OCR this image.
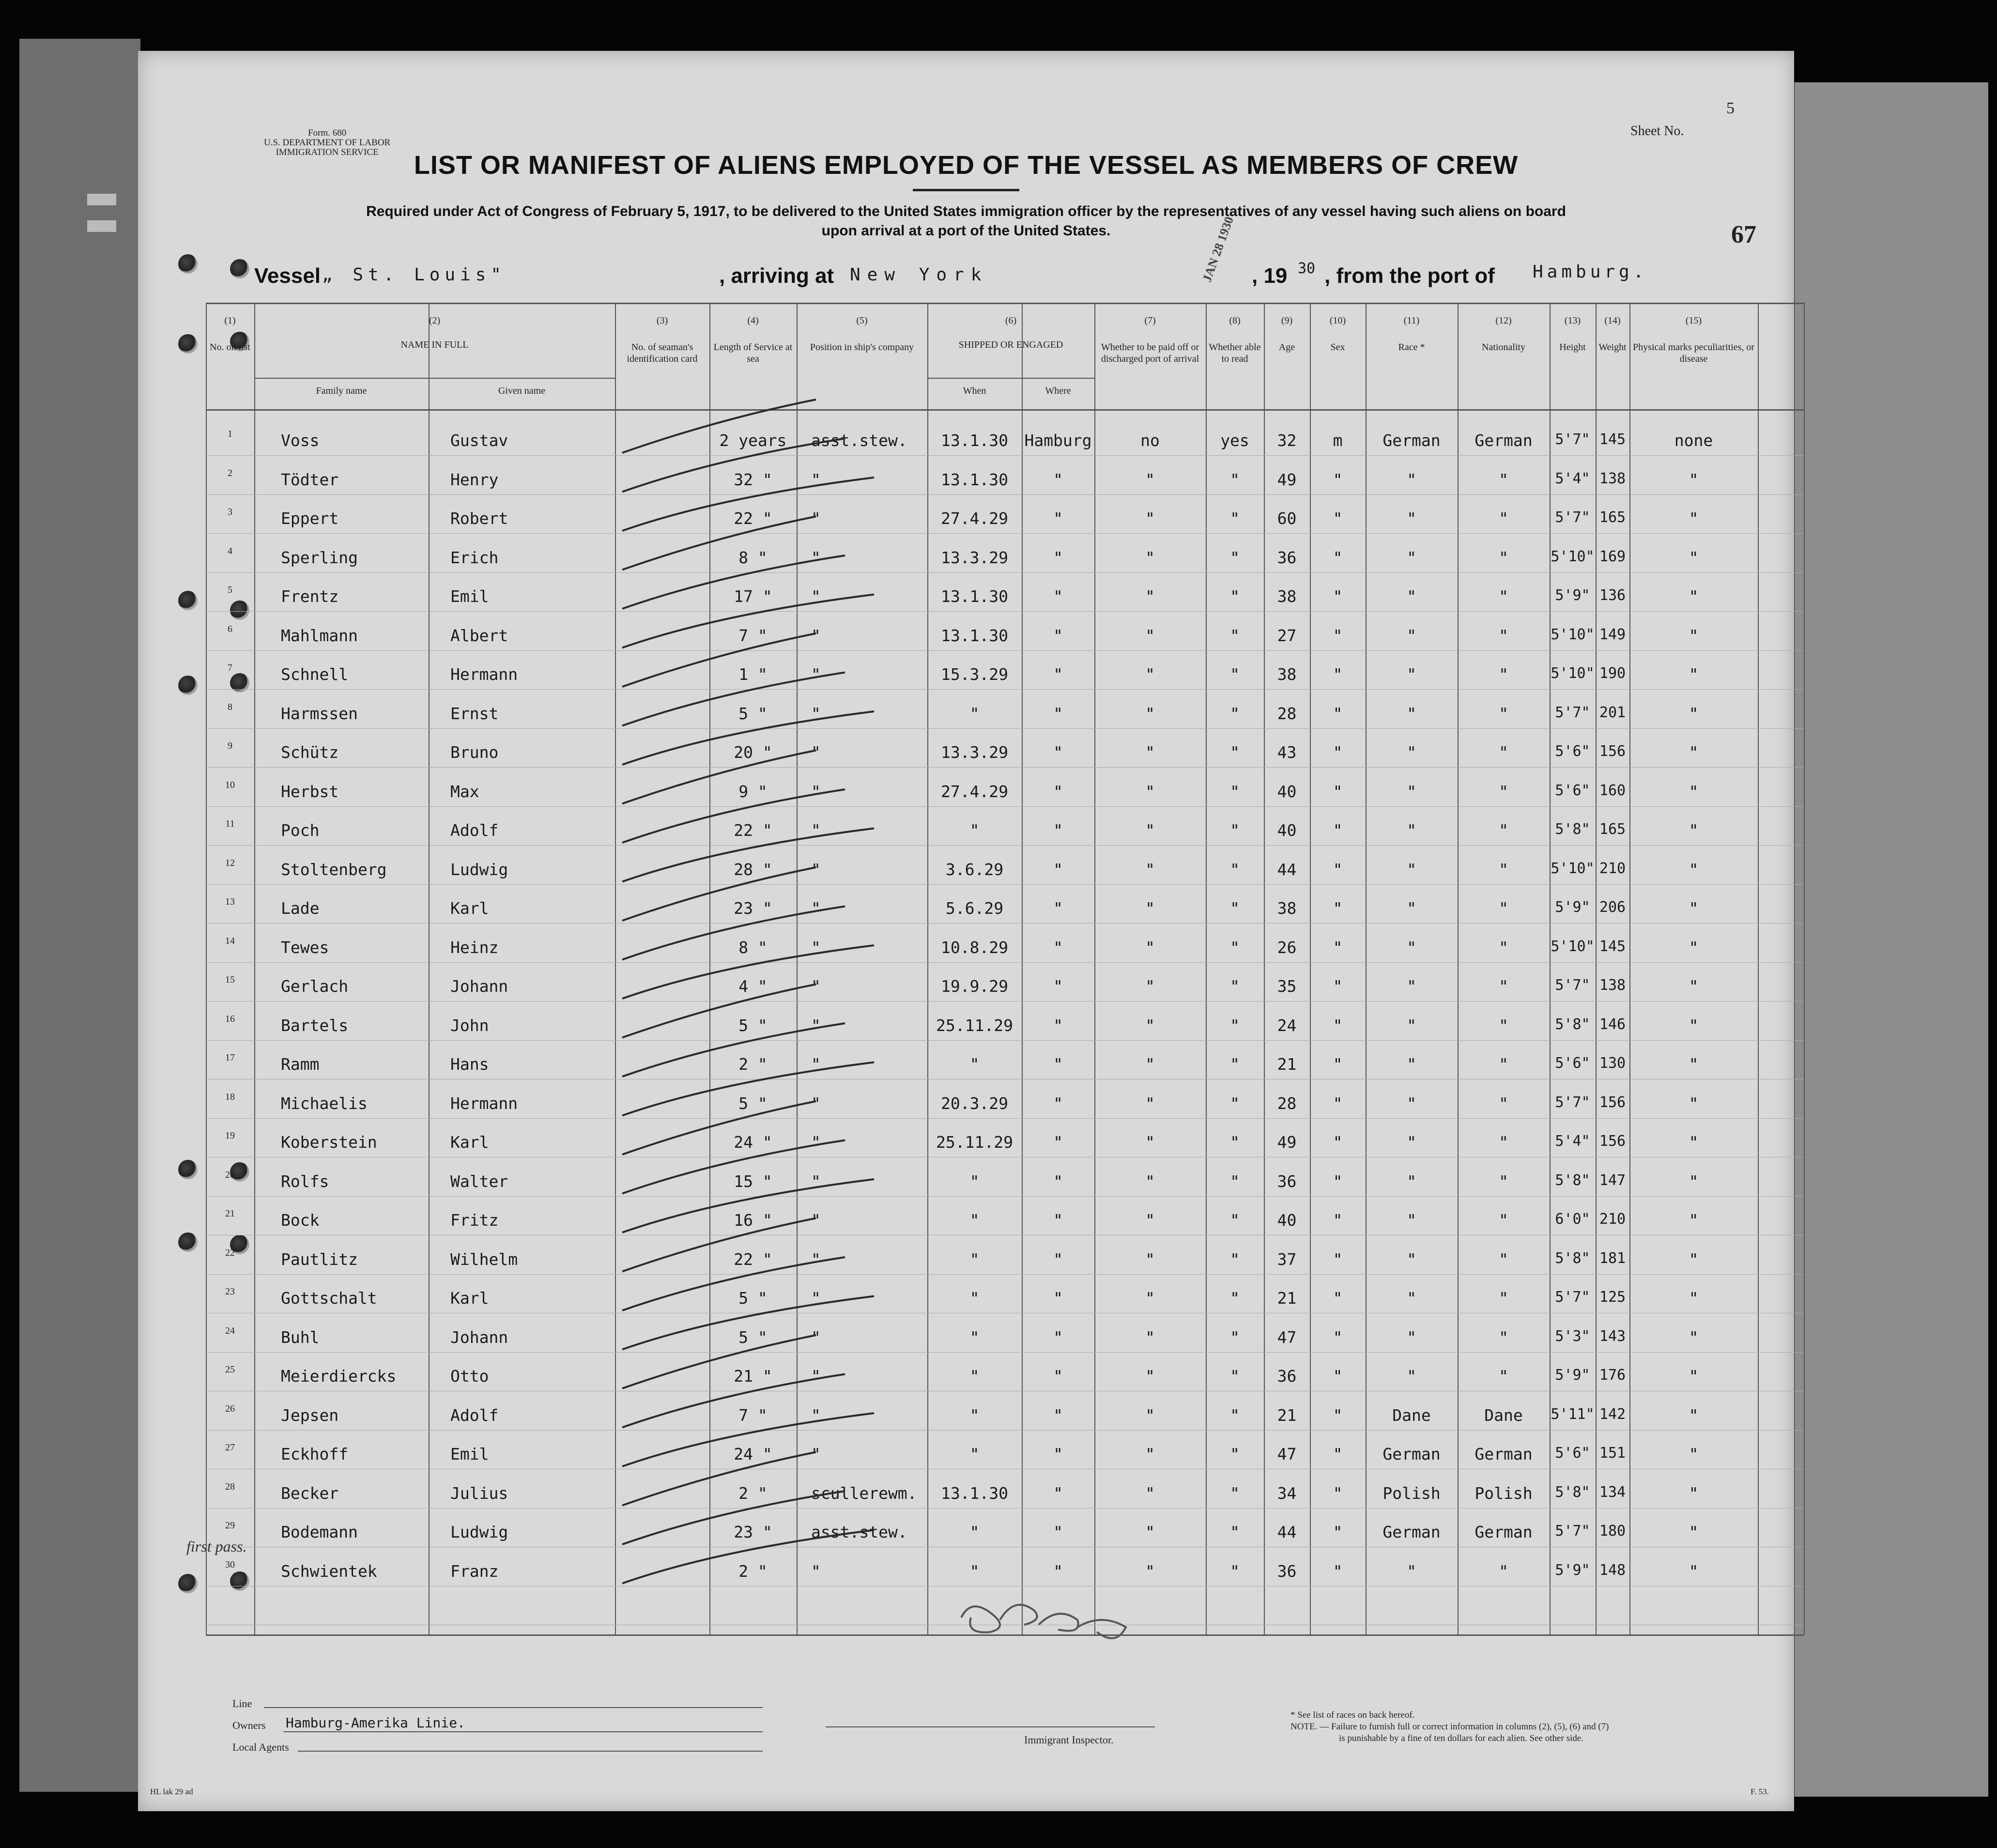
Form. 680
U.S. DEPARTMENT OF LABOR
IMMIGRATION SERVICE
Sheet No.
5
LIST OR MANIFEST OF ALIENS EMPLOYED OF THE VESSEL AS MEMBERS OF CREW
Required under Act of Congress of February 5, 1917, to be delivered to the United States immigration officer by the representatives of any vessel having such aliens on board
upon arrival at a port of the United States.	67
Vessel „ St. Louis"	, arriving at New York	JAN 28 1930 , 19 30 , from the port of Hamburg.
(1)
No. on list
(2)
NAME IN FULL
(3)
No. of seaman's identification card
(4)
Length of Service at sea
(5)
Position in ship's company
(6)
SHIPPED OR ENGAGED
(7)
Whether to be paid off or discharged port of arrival
(8)
Whether able to read
(9)
Age
(10)
Sex
(11)
Race *
(12)
Nationality
(13)
Height
(14)
Weight
(15)
Physical marks peculiarities, or disease
Family name	Given name	When	Where
1	Voss	Gustav	2 years	asst.stew.	13.1.30	Hamburg	no	yes	32	m	German	German	5'7" 145	none
2	Tödter	Henry	32 "	"	13.1.30	"	"	"	49	"	"	"	5'4" 138	"
3	Eppert	Robert	22 "	"	27.4.29	"	"	"	60	"	"	"	5'7" 165	"
4	Sperling	Erich	8 "	"	13.3.29	"	"	"	36	"	"	"	5'10" 169	"
5	Frentz	Emil	17 "	"	13.1.30	"	"	"	38	"	"	"	5'9" 136	"
6	Mahlmann	Albert	7 "	"	13.1.30	"	"	"	27	"	"	"	5'10" 149	"
7	Schnell	Hermann	1 "	"	15.3.29	"	"	"	38	"	"	"	5'10" 190	"
8	Harmssen	Ernst	5 "	"	"	"	"	"	28	"	"	"	5'7" 201	"
9	Schütz	Bruno	20 "	"	13.3.29	"	"	"	43	"	"	"	5'6" 156	"
10	Herbst	Max	9 "	"	27.4.29	"	"	"	40	"	"	"	5'6" 160	"
11	Poch	Adolf	22 "	"	"	"	"	"	40	"	"	"	5'8" 165	"
12	Stoltenberg	Ludwig	28 "	"	3.6.29	"	"	"	44	"	"	"	5'10" 210	"
13	Lade	Karl	23 "	"	5.6.29	"	"	"	38	"	"	"	5'9" 206	"
14	Tewes	Heinz	8 "	"	10.8.29	"	"	"	26	"	"	"	5'10" 145	"
15	Gerlach	Johann	4 "	"	19.9.29	"	"	"	35	"	"	"	5'7" 138	"
16	Bartels	John	5 "	"	25.11.29	"	"	"	24	"	"	"	5'8" 146	"
17	Ramm	Hans	2 "	"	"	"	"	"	21	"	"	"	5'6" 130	"
18	Michaelis	Hermann	5 "	"	20.3.29	"	"	"	28	"	"	"	5'7" 156	"
19	Koberstein	Karl	24 "	"	25.11.29	"	"	"	49	"	"	"	5'4" 156	"
20	Rolfs	Walter	15 "	"	"	"	"	"	36	"	"	"	5'8" 147	"
21	Bock	Fritz	16 "	"	"	"	"	"	40	"	"	"	6'0" 210	"
22	Pautlitz	Wilhelm	22 "	"	"	"	"	"	37	"	"	"	5'8" 181	"
23	Gottschalt	Karl	5 "	"	"	"	"	"	21	"	"	"	5'7" 125	"
24	Buhl	Johann	5 "	"	"	"	"	"	47	"	"	"	5'3" 143	"
25	Meierdiercks	Otto	21 "	"	"	"	"	"	36	"	"	"	5'9" 176	"
26	Jepsen	Adolf	7 "	"	"	"	"	"	21	"	Dane	Dane	5'11" 142	"
27	Eckhoff	Emil	24 "	"	"	"	"	"	47	"	German	German	5'6" 151	"
28	Becker	Julius	2 "	scullerewm.	13.1.30	"	"	"	34	"	Polish	Polish	5'8" 134	"
29	Bodemann	Ludwig	23 "	asst.stew.	"	"	"	"	44	"	German	German	5'7" 180	"
30	Schwientek	Franz	2 "	"	"	"	"	"	36	"	"	"	5'9" 148	"
first pass.
Line
Owners Hamburg-Amerika Linie.
Local Agents
Immigrant Inspector.
* See list of races on back hereof.
NOTE. — Failure to furnish full or correct information in columns (2), (5), (6) and (7)
is punishable by a fine of ten dollars for each alien. See other side.
HL lak 29 ad	F. 53.
